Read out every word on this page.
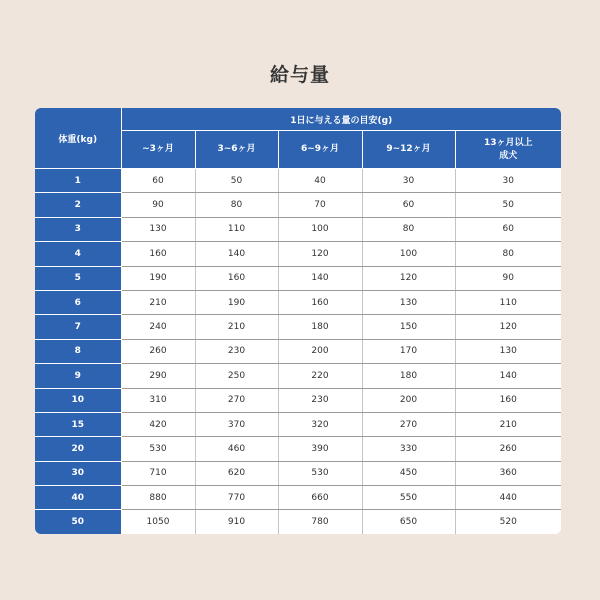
給与量
体重(kg)	1日に与える量の目安(g)				

	~3ヶ月	3~6ヶ月	6~9ヶ月	9~12ヶ月	13ヶ月以上
成犬

1	60	50	40	30	30
2	90	80	70	60	50
3	130	110	100	80	60
4	160	140	120	100	80
5	190	160	140	120	90
6	210	190	160	130	110
7	240	210	180	150	120
8	260	230	200	170	130
9	290	250	220	180	140
10	310	270	230	200	160
15	420	370	320	270	210
20	530	460	390	330	260
30	710	620	530	450	360
40	880	770	660	550	440
50	1050	910	780	650	520
